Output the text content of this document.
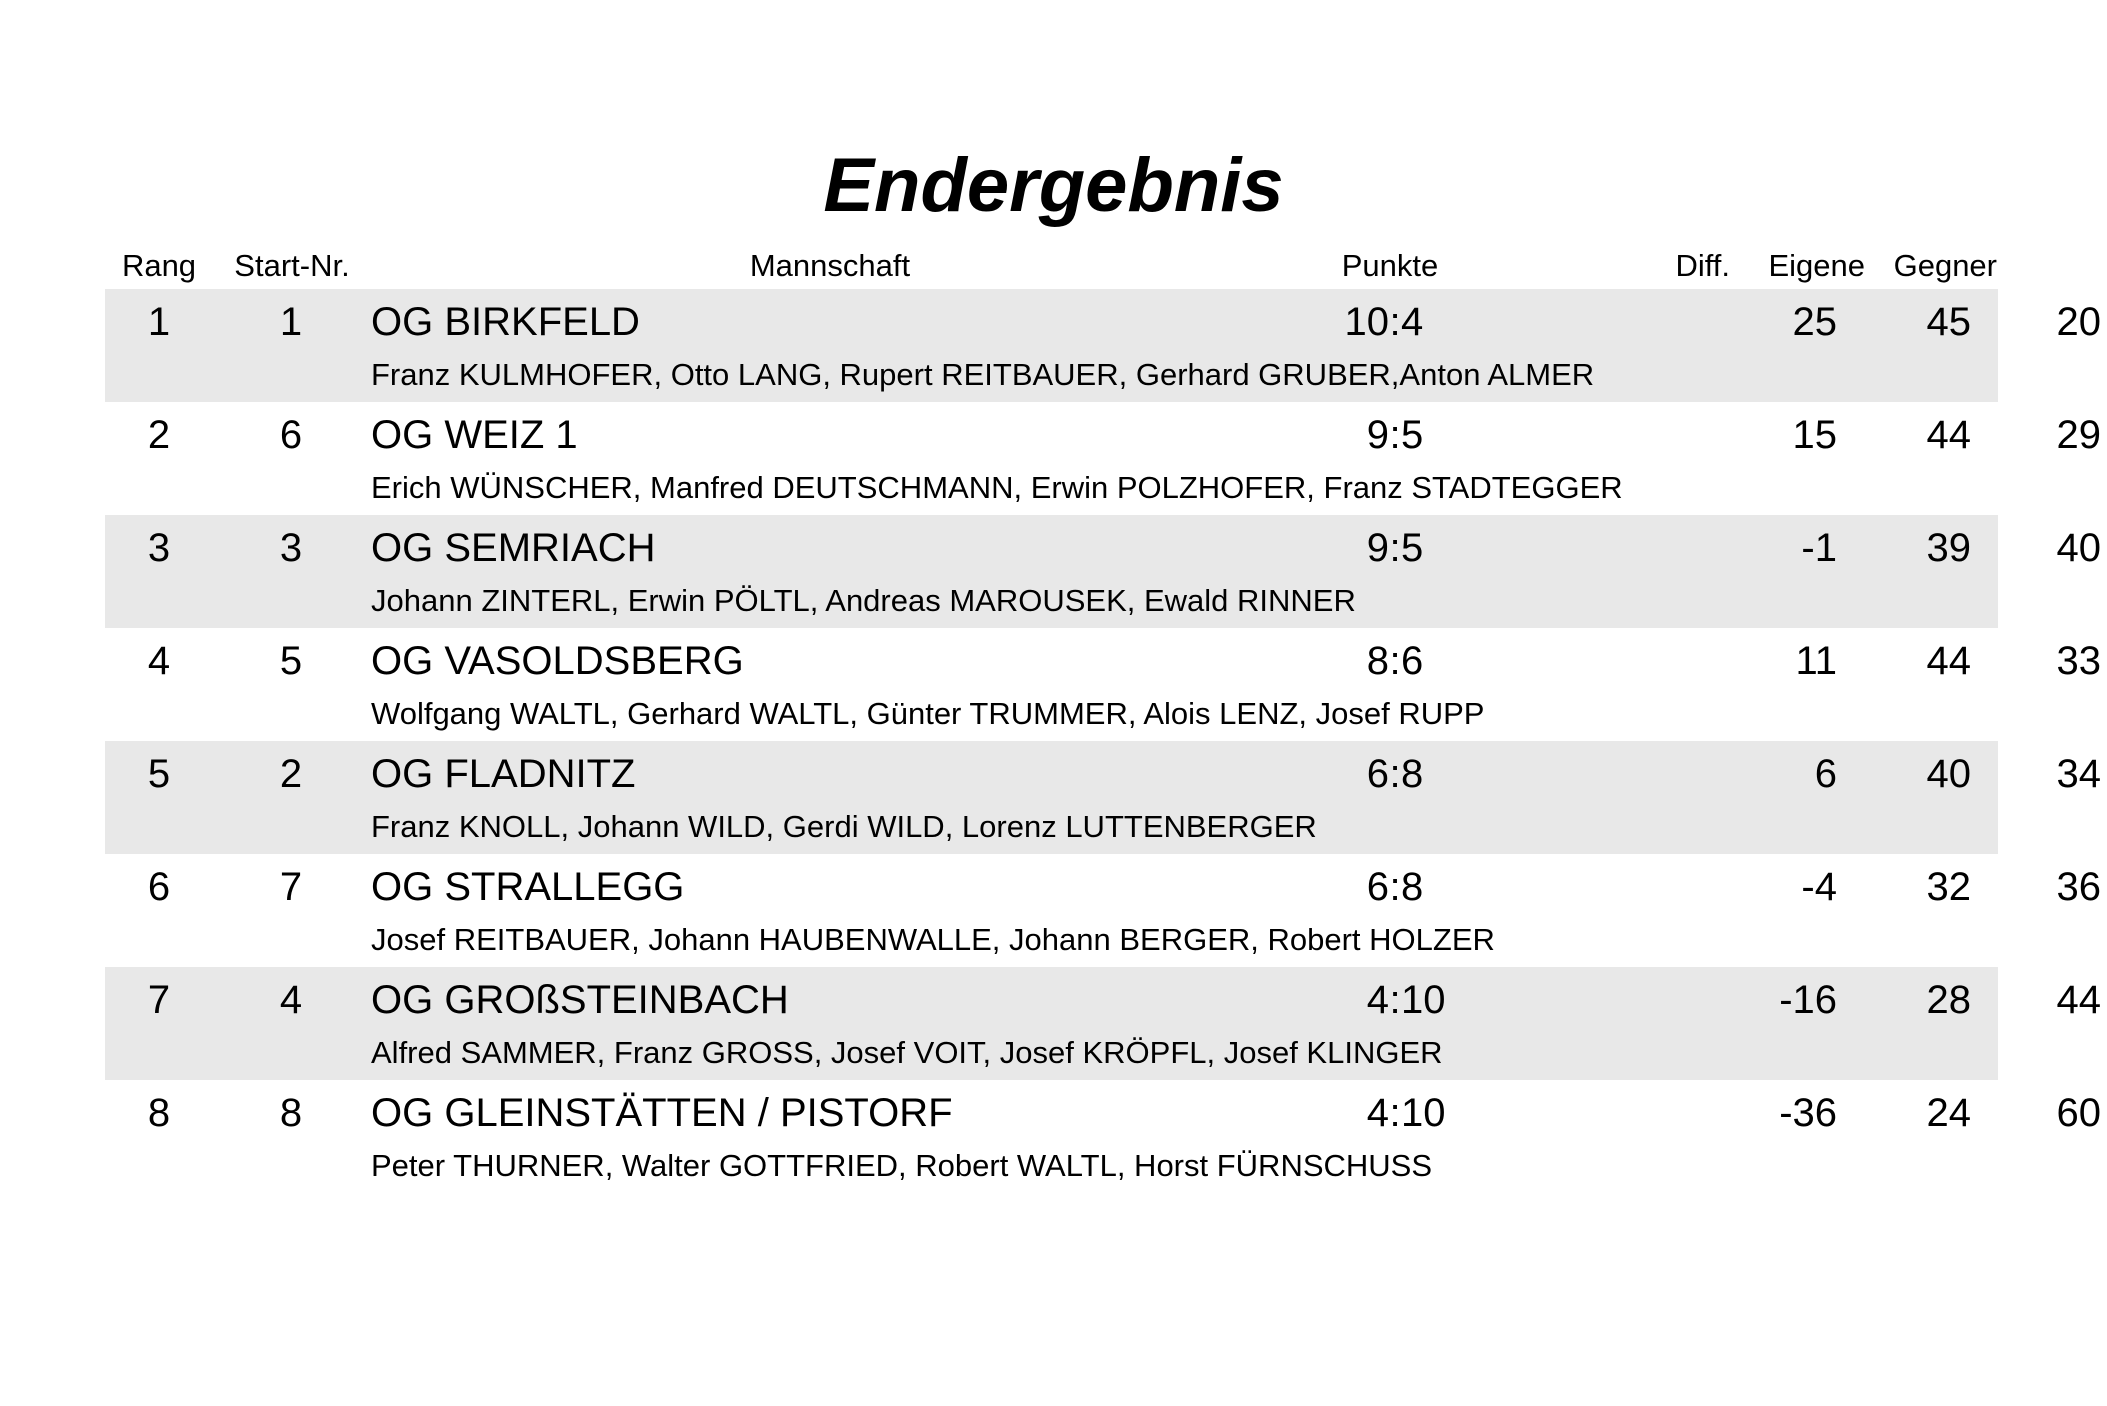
Endergebnis
Rang	Start-Nr.	Mannschaft	Punkte	Diff.	Eigene Gegner
1	1	OG BIRKFELD	10 : 4	25	45	20
Franz KULMHOFER, Otto LANG, Rupert REITBAUER, Gerhard GRUBER,Anton ALMER
2	6	OG WEIZ 1	9 : 5	15	44	29
Erich WÜNSCHER, Manfred DEUTSCHMANN, Erwin POLZHOFER, Franz STADTEGGER
3	3	OG SEMRIACH	9 : 5	-1	39	40
Johann ZINTERL, Erwin PÖLTL, Andreas MAROUSEK, Ewald RINNER
4	5	OG VASOLDSBERG	8 : 6	11	44	33
Wolfgang WALTL, Gerhard WALTL, Günter TRUMMER, Alois LENZ, Josef RUPP
5	2	OG FLADNITZ	6 : 8	6	40	34
Franz KNOLL, Johann WILD, Gerdi WILD, Lorenz LUTTENBERGER
6	7	OG STRALLEGG	6 : 8	-4	32	36
Josef REITBAUER, Johann HAUBENWALLE, Johann BERGER, Robert HOLZER
7	4	OG GROßSTEINBACH	4 : 10	-16	28	44
Alfred SAMMER, Franz GROSS, Josef VOIT, Josef KRÖPFL, Josef KLINGER
8	8	OG GLEINSTÄTTEN / PISTORF	4 : 10	-36	24	60
Peter THURNER, Walter GOTTFRIED, Robert WALTL, Horst FÜRNSCHUSS
